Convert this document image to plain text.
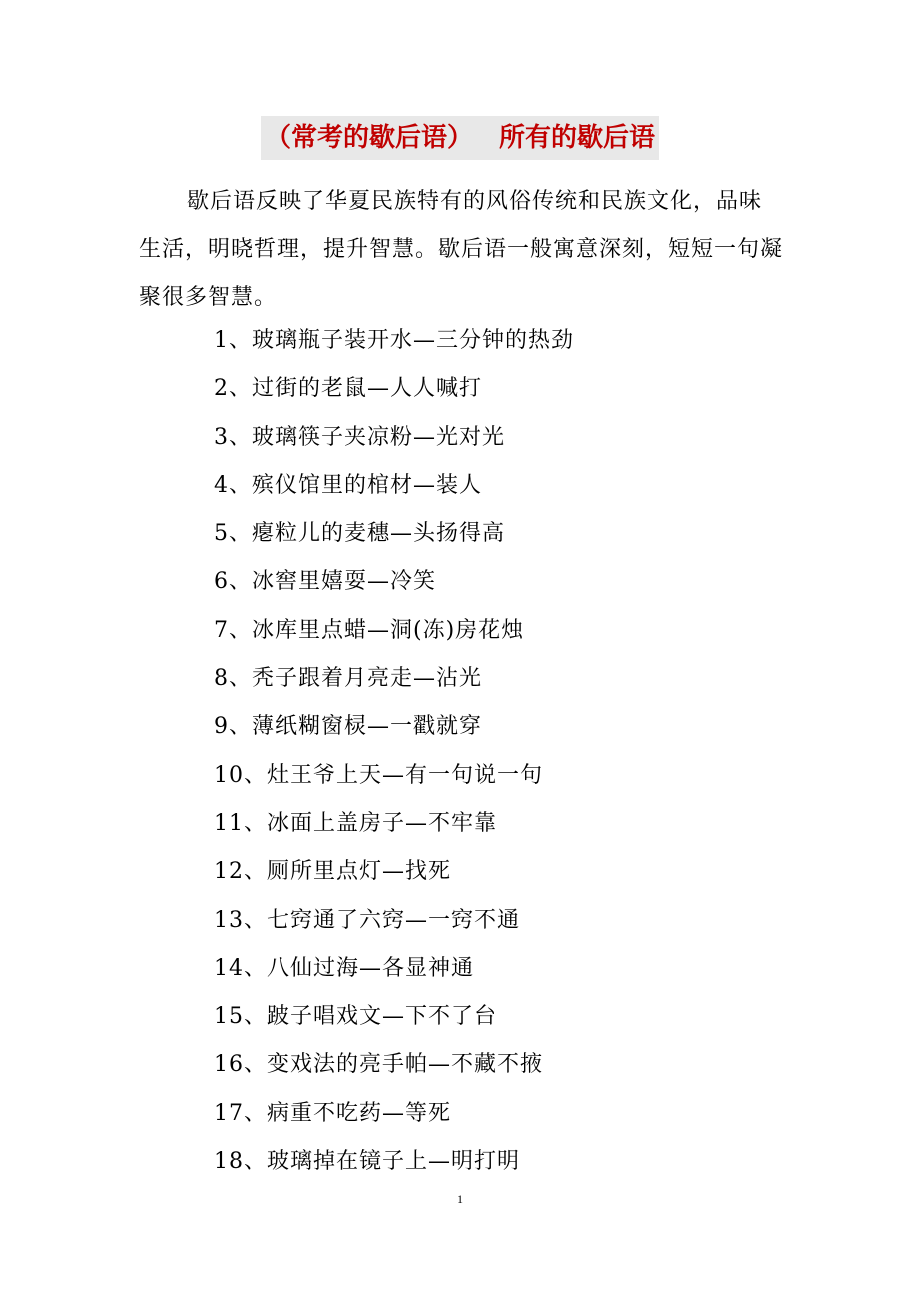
（常考的歇后语） 所有的歇后语

歇后语反映了华夏民族特有的风俗传统和民族文化，品味生活，明晓哲理，提升智慧。歇后语一般寓意深刻，短短一句凝聚很多智慧。

1、玻璃瓶子装开水—三分钟的热劲
2、过街的老鼠—人人喊打
3、玻璃筷子夹凉粉—光对光
4、殡仪馆里的棺材—装人
5、瘪粒儿的麦穗—头扬得高
6、冰窖里嬉耍—冷笑
7、冰库里点蜡—洞(冻)房花烛
8、秃子跟着月亮走—沾光
9、薄纸糊窗棂—一戳就穿
10、灶王爷上天—有一句说一句
11、冰面上盖房子—不牢靠
12、厕所里点灯—找死
13、七窍通了六窍—一窍不通
14、八仙过海—各显神通
15、跛子唱戏文—下不了台
16、变戏法的亮手帕—不藏不掖
17、病重不吃药—等死
18、玻璃掉在镜子上—明打明
1
